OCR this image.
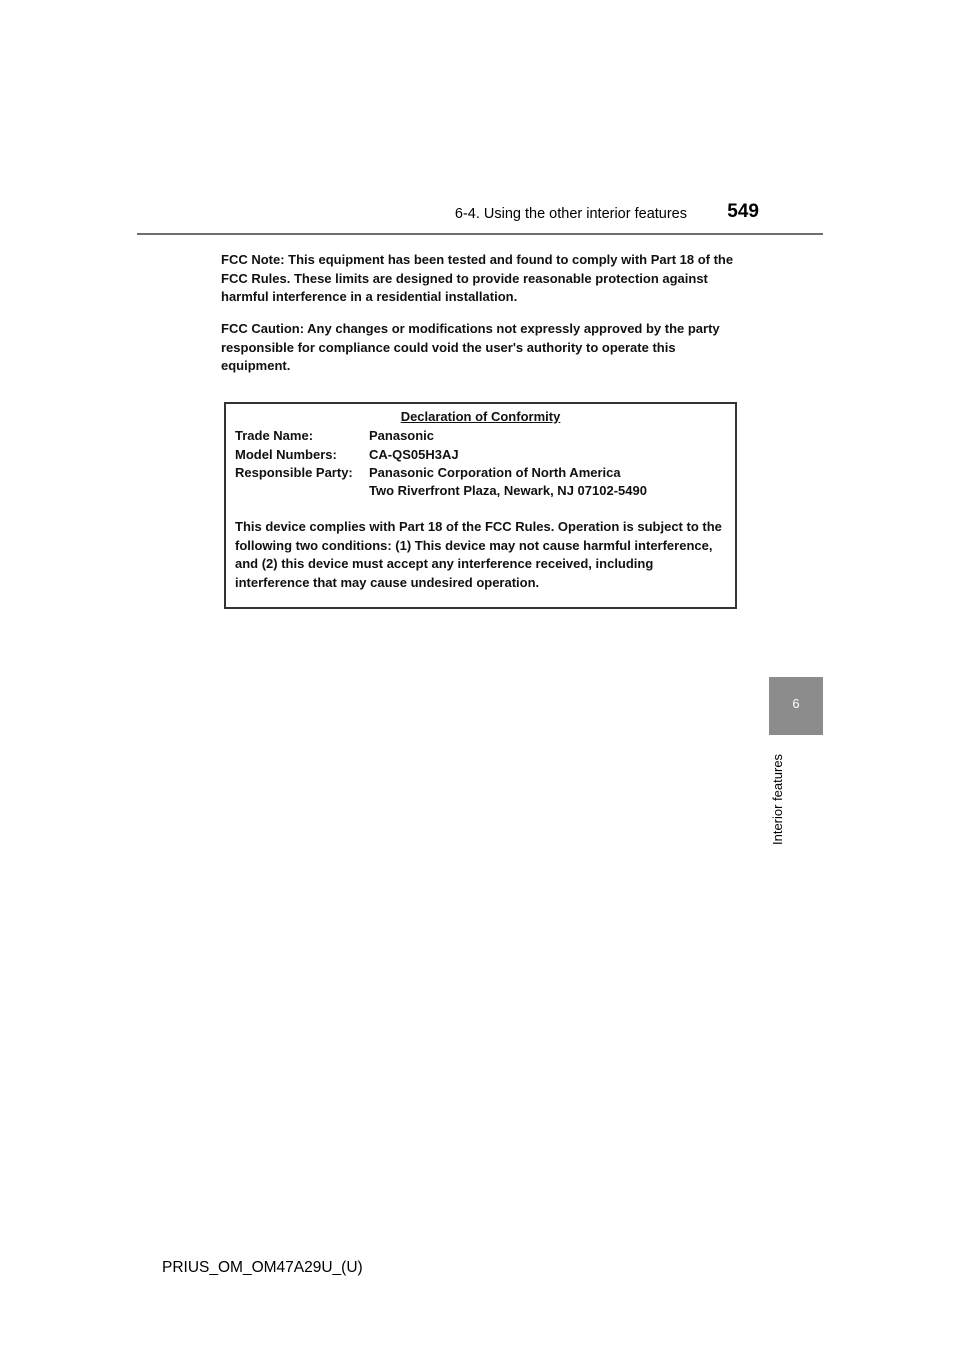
6-4. Using the other interior features 549
6
Interior features

FCC Note: This equipment has been tested and found to comply with Part 18 of the FCC Rules. These limits are designed to provide reasonable protection against harmful interference in a residential installation.

FCC Caution: Any changes or modifications not expressly approved by the party responsible for compliance could void the user's authority to operate this equipment.

Declaration of Conformity
Trade Name:	Panasonic
Model Numbers: CA-QS05H3AJ
Responsible Party: Panasonic Corporation of North America
Two Riverfront Plaza, Newark, NJ 07102-5490
This device complies with Part 18 of the FCC Rules. Operation is subject to the following two conditions: (1) This device may not cause harmful interference, and (2) this device must accept any interference received, including interference that may cause undesired operation.
PRIUS_OM_OM47A29U_(U)
